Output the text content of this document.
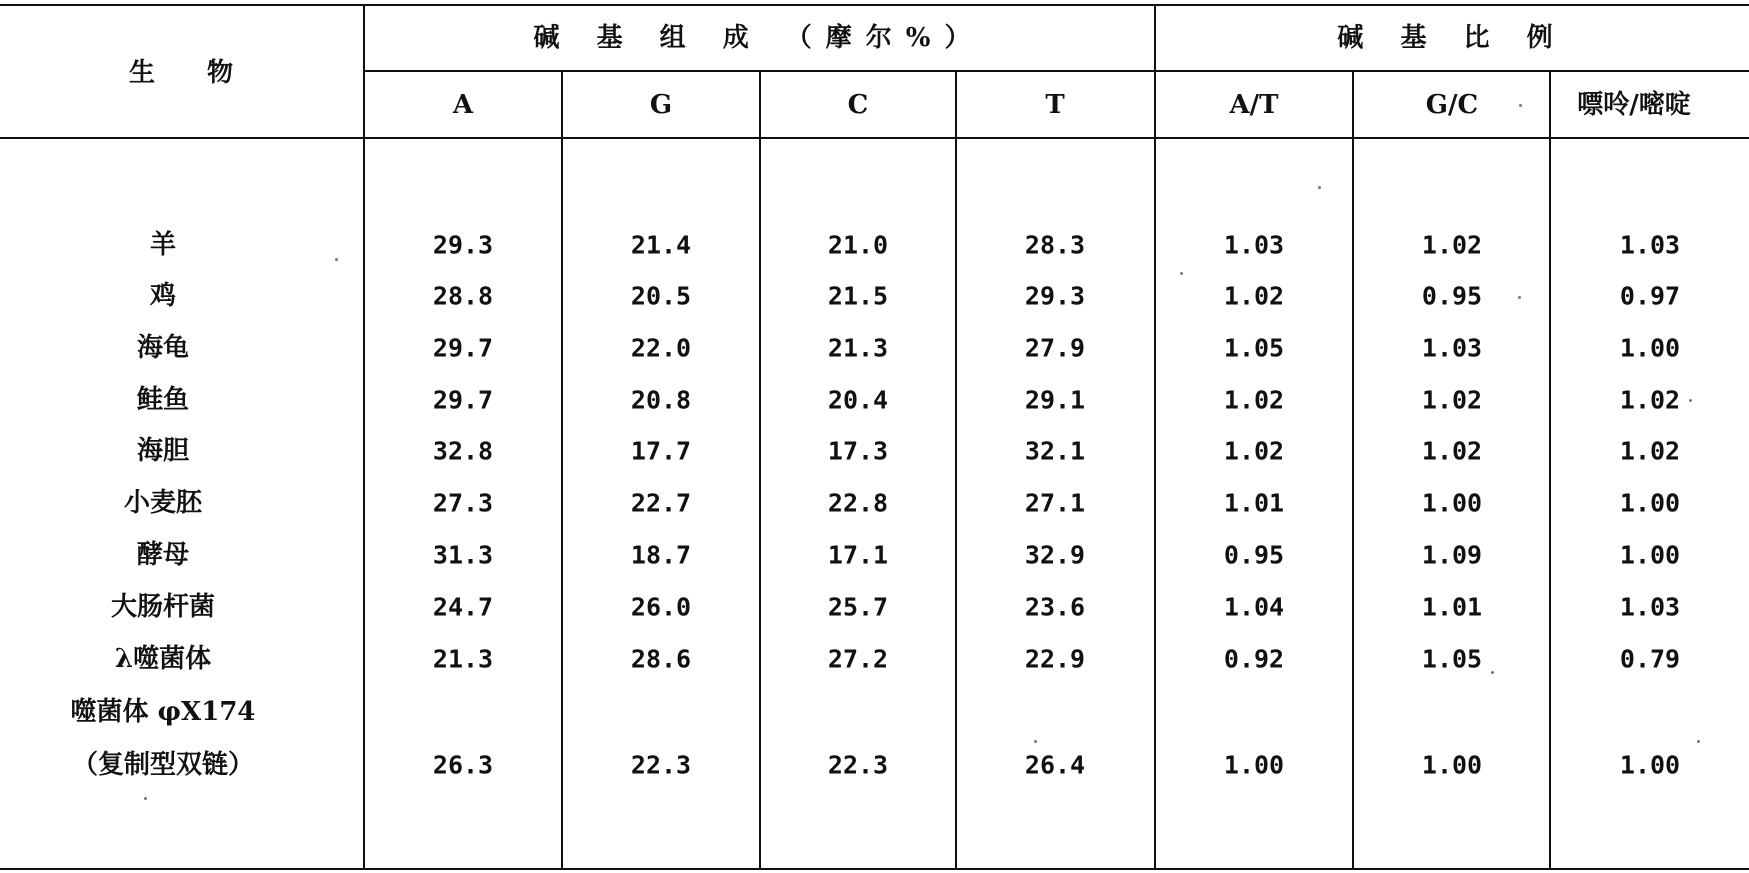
生　　物
碱 基 组 成 （摩尔%）	碱 基 比 例
A	G	C	T	A/T	G/C	嘌呤/嘧啶
羊	29.3	21.4	21.0	28.3	1.03	1.02	1.03
鸡	28.8	20.5	21.5	29.3	1.02	0.95	0.97
海龟	29.7	22.0	21.3	27.9	1.05	1.03	1.00
鲑鱼	29.7	20.8	20.4	29.1	1.02	1.02	1.02
海胆	32.8	17.7	17.3	32.1	1.02	1.02	1.02
小麦胚	27.3	22.7	22.8	27.1	1.01	1.00	1.00
酵母	31.3	18.7	17.1	32.9	0.95	1.09	1.00
大肠杆菌	24.7	26.0	25.7	23.6	1.04	1.01	1.03
λ噬菌体	21.3	28.6	27.2	22.9	0.92	1.05	0.79
噬菌体 φX174
（复制型双链）	26.3	22.3	22.3	26.4	1.00	1.00	1.00
